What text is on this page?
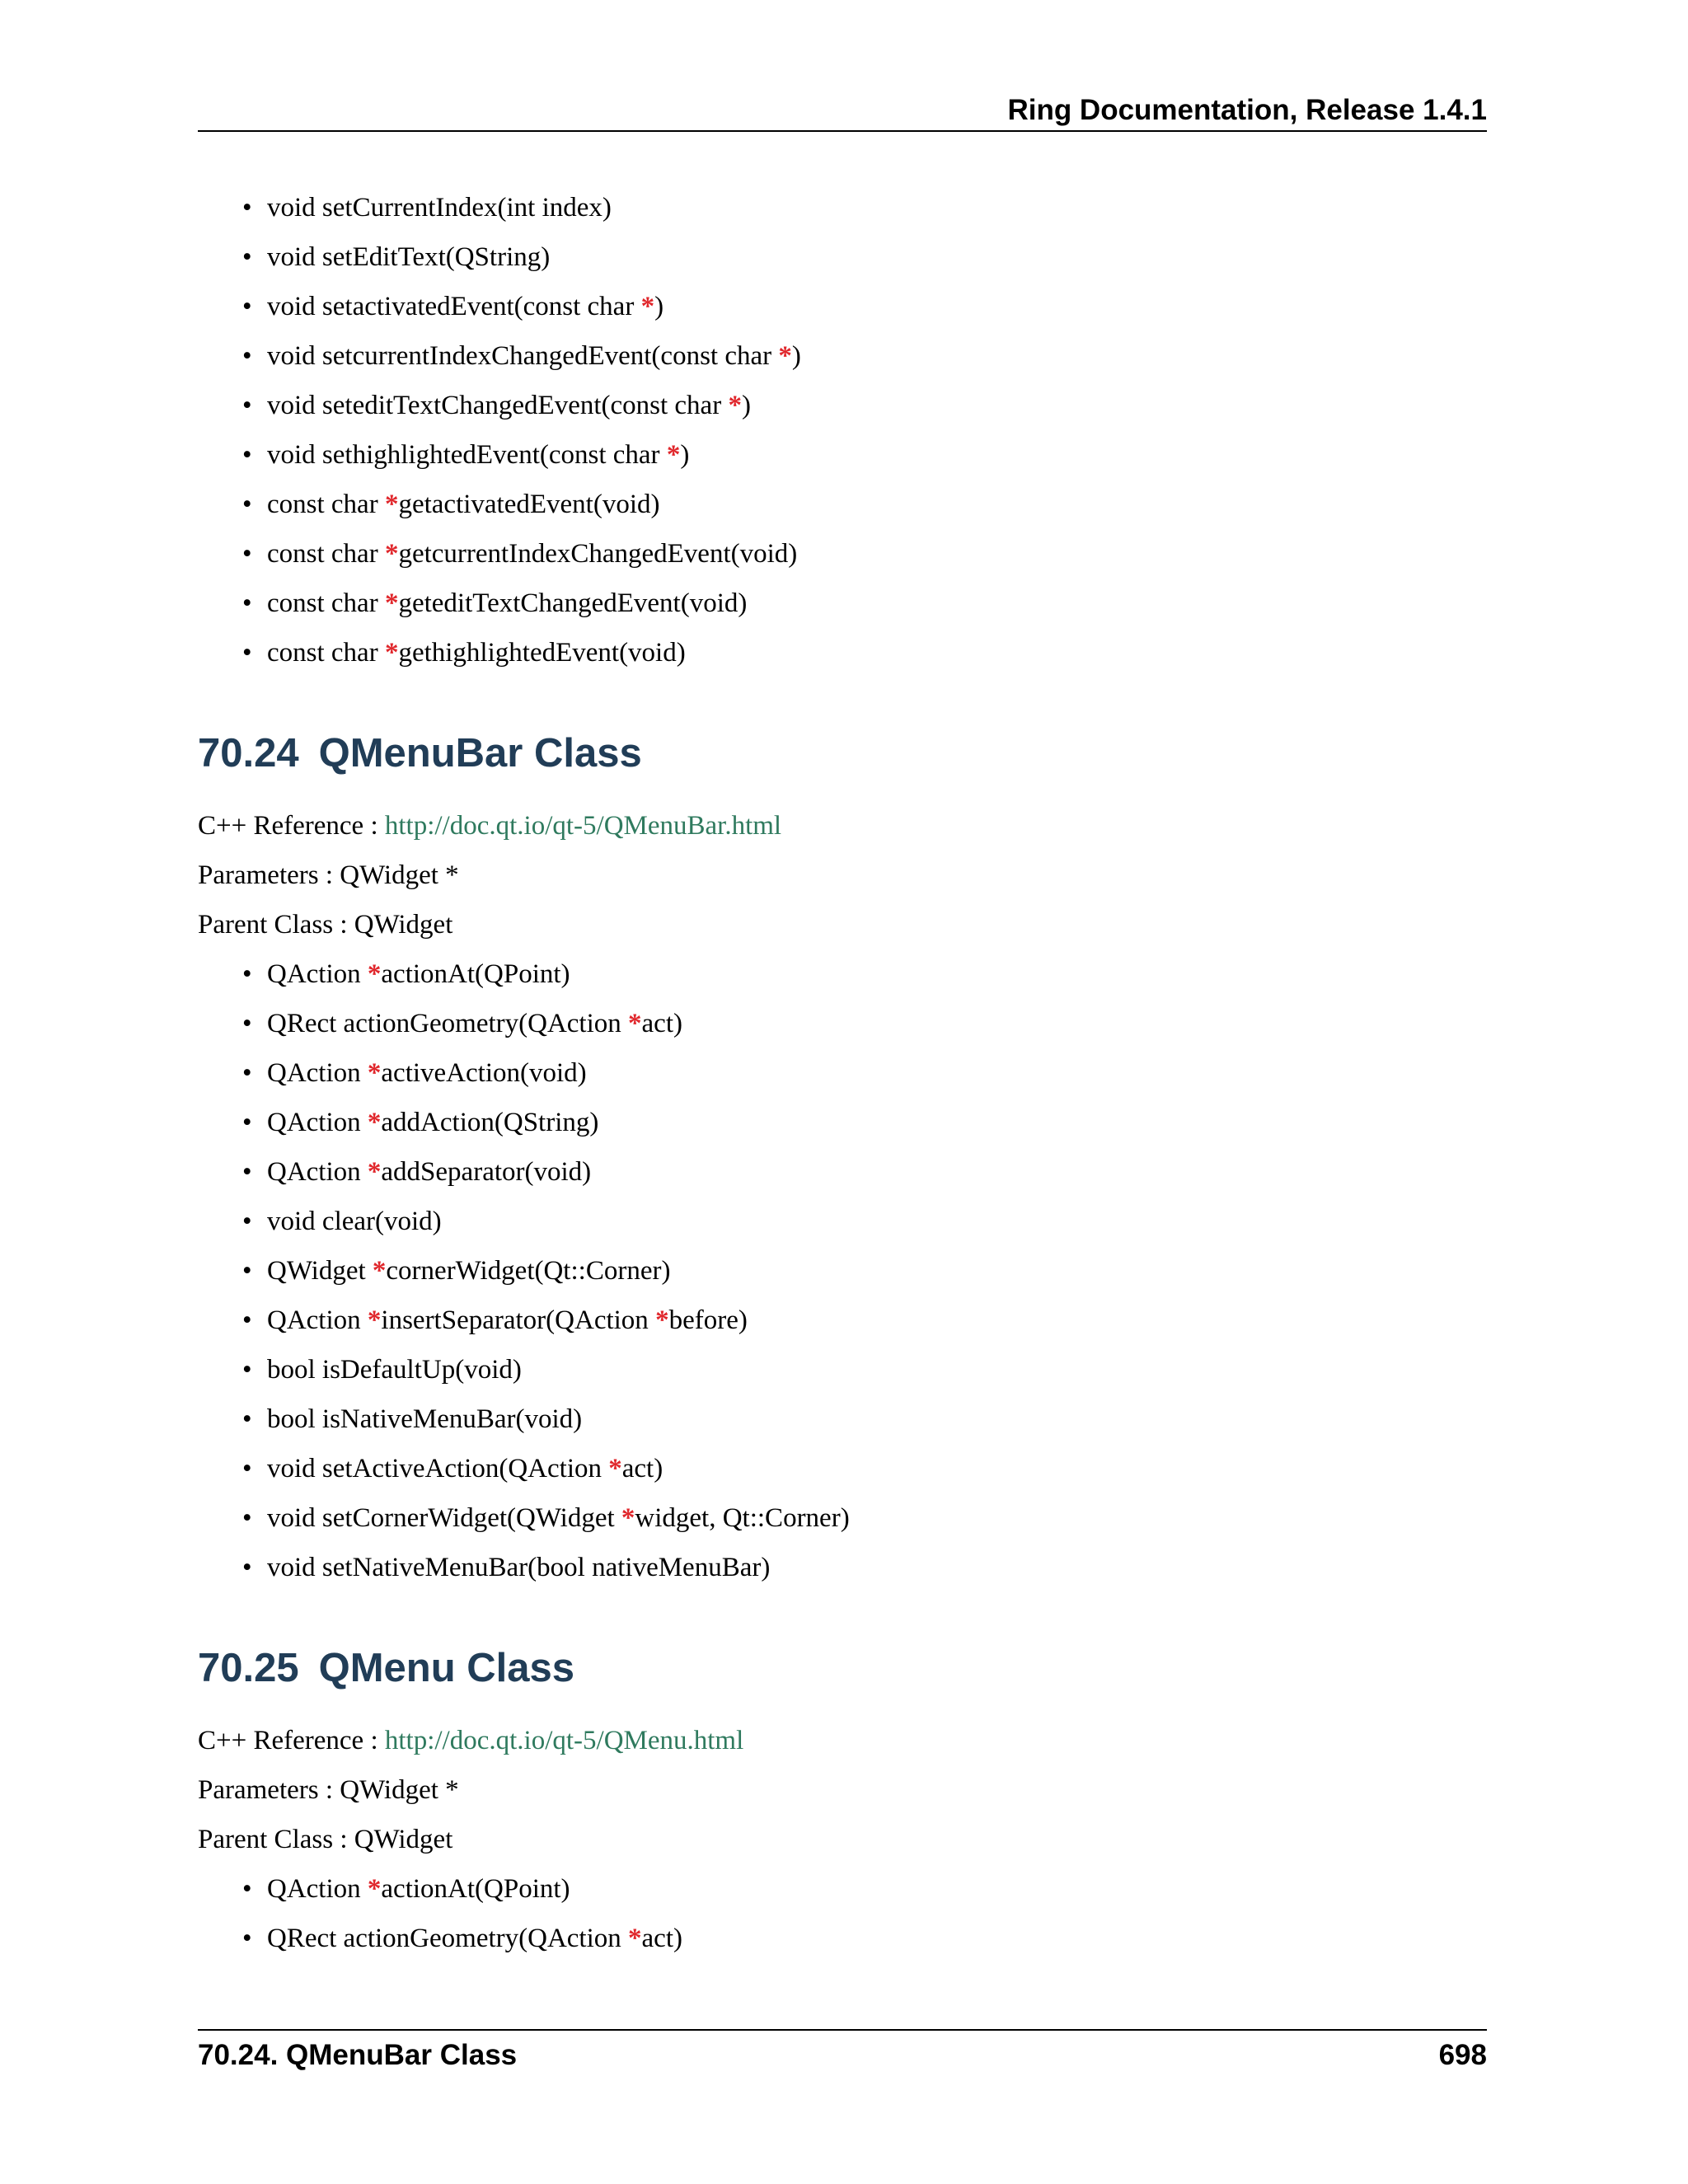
Ring Documentation, Release 1.4.1
• void setCurrentIndex(int index)
• void setEditText(QString)
• void setactivatedEvent(const char *)
• void setcurrentIndexChangedEvent(const char *)
• void seteditTextChangedEvent(const char *)
• void sethighlightedEvent(const char *)
• const char *getactivatedEvent(void)
• const char *getcurrentIndexChangedEvent(void)
• const char *geteditTextChangedEvent(void)
• const char *gethighlightedEvent(void)
70.24 QMenuBar Class

C++ Reference : http://doc.qt.io/qt-5/QMenuBar.html

Parameters : QWidget *

Parent Class : QWidget

• QAction *actionAt(QPoint)
• QRect actionGeometry(QAction *act)
• QAction *activeAction(void)
• QAction *addAction(QString)
• QAction *addSeparator(void)
• void clear(void)
• QWidget *cornerWidget(Qt::Corner)
• QAction *insertSeparator(QAction *before)
• bool isDefaultUp(void)
• bool isNativeMenuBar(void)
• void setActiveAction(QAction *act)
• void setCornerWidget(QWidget *widget, Qt::Corner)
• void setNativeMenuBar(bool nativeMenuBar)
70.25 QMenu Class

C++ Reference : http://doc.qt.io/qt-5/QMenu.html

Parameters : QWidget *

Parent Class : QWidget

• QAction *actionAt(QPoint)
• QRect actionGeometry(QAction *act)
70.24. QMenuBar Class	698
